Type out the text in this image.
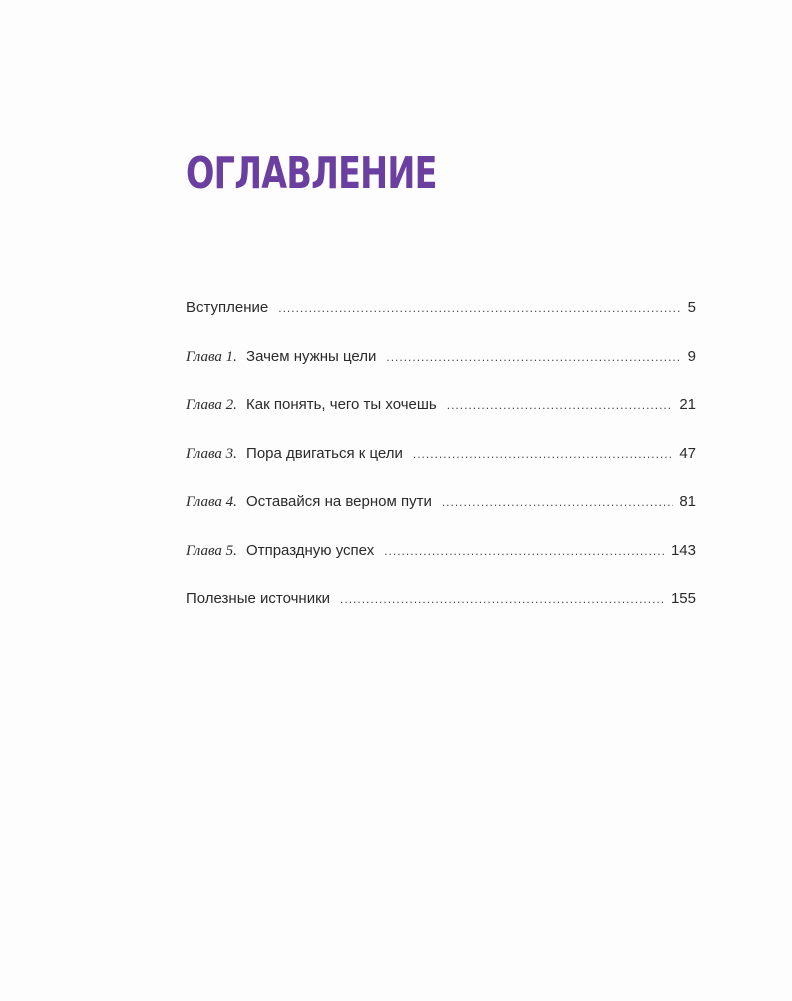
ОГЛАВЛЕНИЕ
Вступление .....	5
Глава 1. Зачем нужны цели .....	9
Глава 2. Как понять, чего ты хочешь .....	21
Глава 3. Пора двигаться к цели .....	47
Глава 4. Оставайся на верном пути .....	81
Глава 5. Отпраздную успех .....	143
Полезные источники .....	155
